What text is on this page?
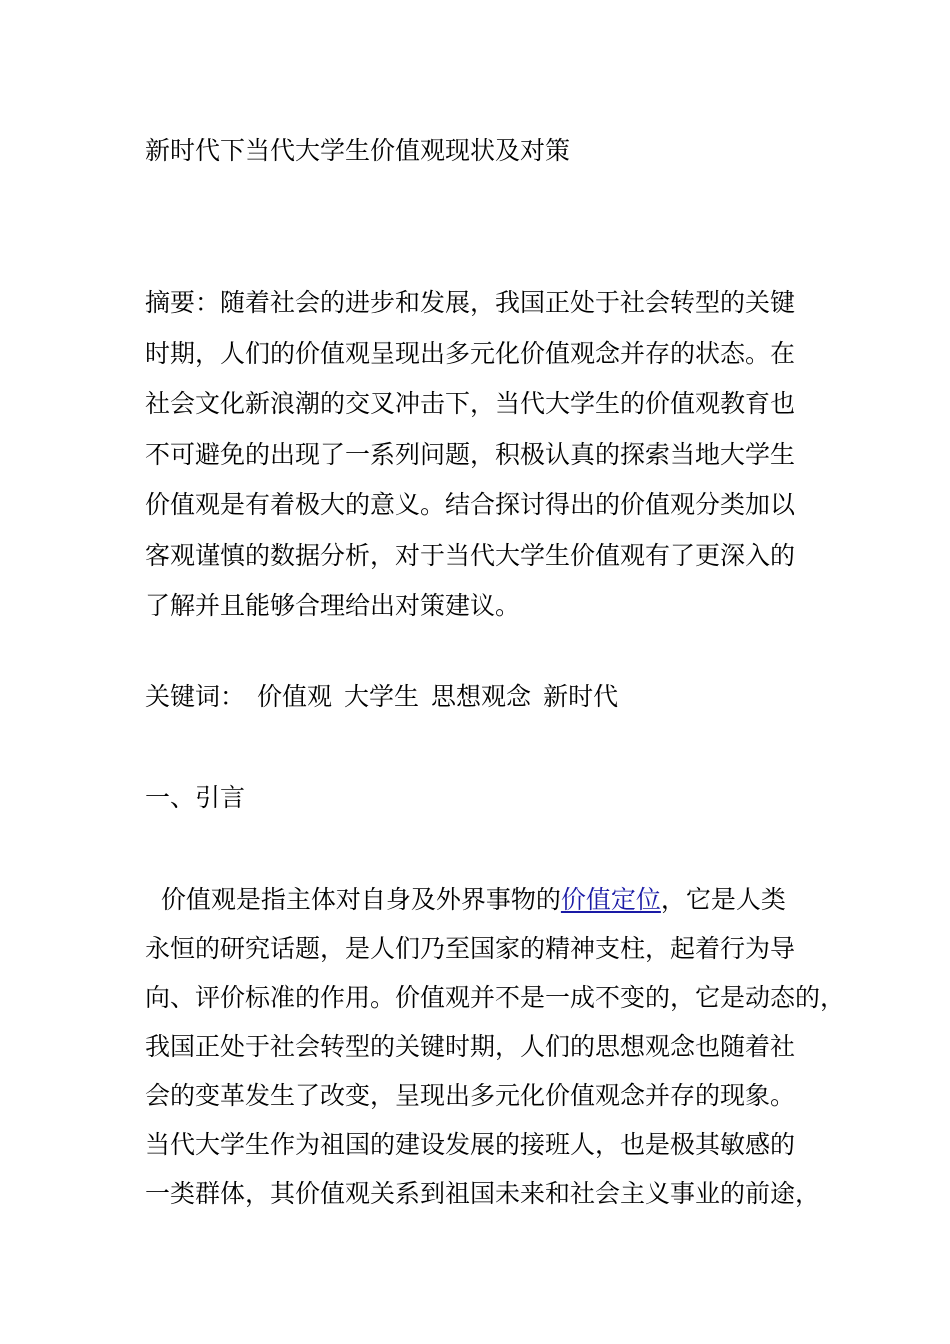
新时代下当代大学生价值观现状及对策
摘要：随着社会的进步和发展，我国正处于社会转型的关键
时期，人们的价值观呈现出多元化价值观念并存的状态。在
社会文化新浪潮的交叉冲击下，当代大学生的价值观教育也
不可避免的出现了一系列问题，积极认真的探索当地大学生
价值观是有着极大的意义。结合探讨得出的价值观分类加以
客观谨慎的数据分析，对于当代大学生价值观有了更深入的
了解并且能够合理给出对策建议。
关键词： 价值观 大学生 思想观念 新时代
一、引言
价值观是指主体对自身及外界事物的价值定位，它是人类
永恒的研究话题，是人们乃至国家的精神支柱，起着行为导
向、评价标准的作用。价值观并不是一成不变的，它是动态的，
我国正处于社会转型的关键时期，人们的思想观念也随着社
会的变革发生了改变，呈现出多元化价值观念并存的现象。
当代大学生作为祖国的建设发展的接班人，也是极其敏感的
一类群体，其价值观关系到祖国未来和社会主义事业的前途，
